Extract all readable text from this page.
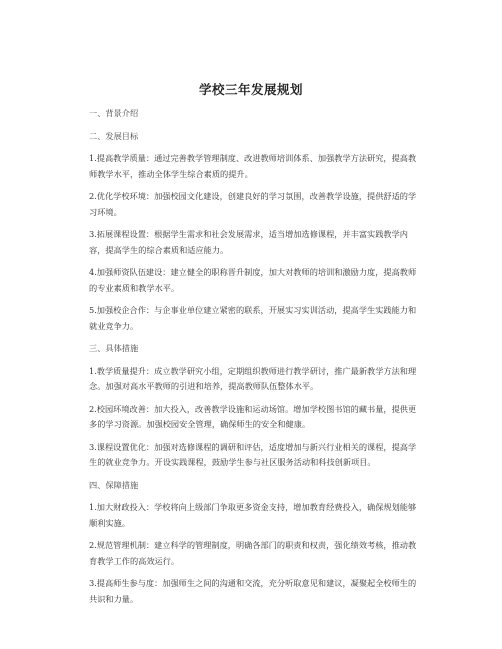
学校三年发展规划

一、背景介绍

二、发展目标

1.提高教学质量：通过完善教学管理制度、改进教师培训体系、加强教学方法研究，提高教师教学水平，推动全体学生综合素质的提升。

2.优化学校环境：加强校园文化建设，创建良好的学习氛围，改善教学设施，提供舒适的学习环境。

3.拓展课程设置：根据学生需求和社会发展需求，适当增加选修课程，并丰富实践教学内容，提高学生的综合素质和适应能力。

4.加强师资队伍建设：建立健全的职称晋升制度，加大对教师的培训和激励力度，提高教师的专业素质和教学水平。

5.加强校企合作：与企事业单位建立紧密的联系，开展实习实训活动，提高学生实践能力和就业竞争力。

三、具体措施

1.教学质量提升：成立教学研究小组，定期组织教师进行教学研讨，推广最新教学方法和理念。加强对高水平教师的引进和培养，提高教师队伍整体水平。

2.校园环境改善：加大投入，改善教学设施和运动场馆。增加学校图书馆的藏书量，提供更多的学习资源。加强校园安全管理，确保师生的安全和健康。

3.课程设置优化：加强对选修课程的调研和评估，适度增加与新兴行业相关的课程，提高学生的就业竞争力。开设实践课程，鼓励学生参与社区服务活动和科技创新项目。

四、保障措施

1.加大财政投入：学校将向上级部门争取更多资金支持，增加教育经费投入，确保规划能够顺利实施。

2.规范管理机制：建立科学的管理制度，明确各部门的职责和权责，强化绩效考核，推动教育教学工作的高效运行。

3.提高师生参与度：加强师生之间的沟通和交流，充分听取意见和建议，凝聚起全校师生的共识和力量。
